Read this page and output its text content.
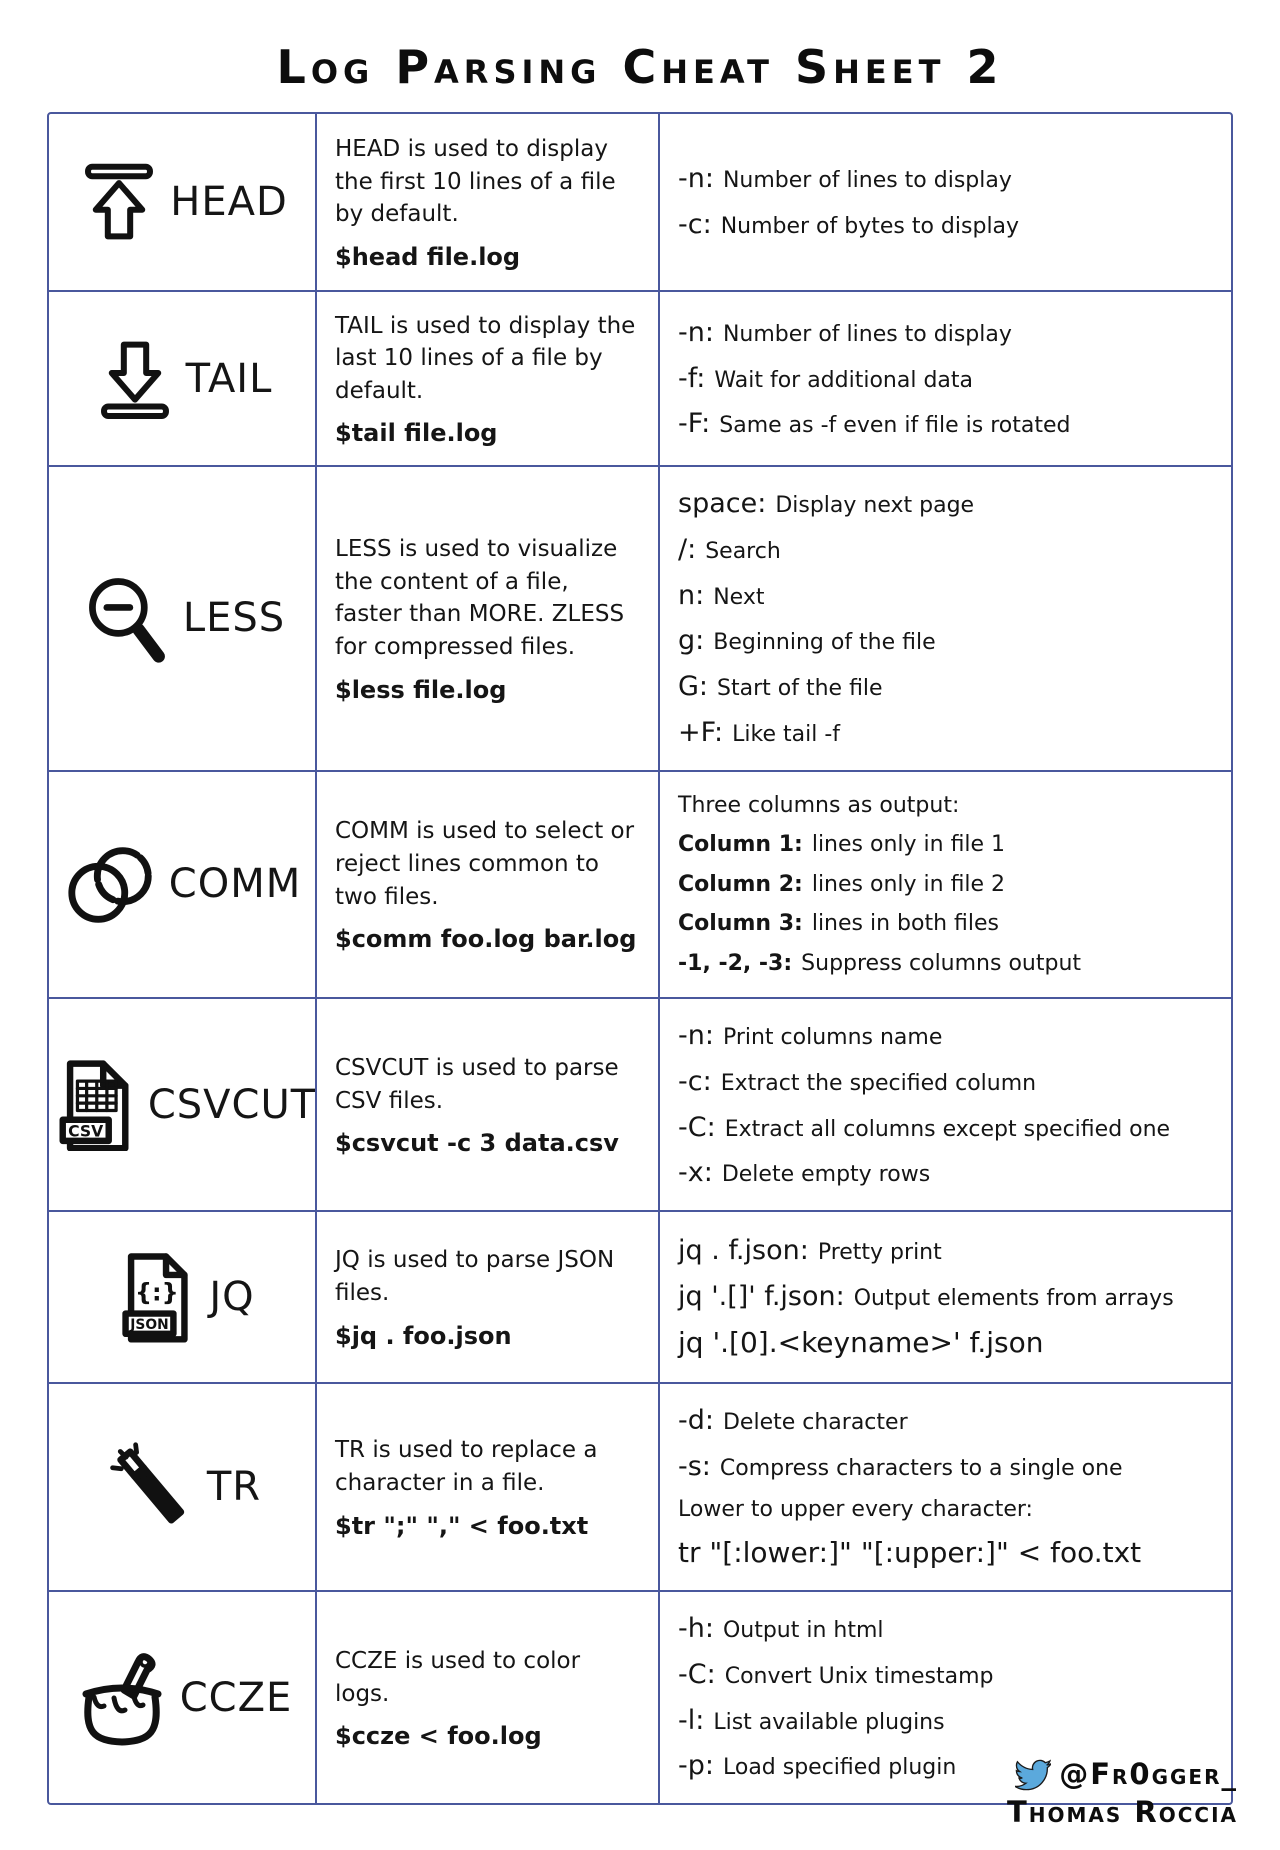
Log Parsing Cheat Sheet 2
HEAD

HEAD is used to display the first 10 lines of a file by default.

$head file.log

-n: Number of lines to display
-c: Number of bytes to display
TAIL

TAIL is used to display the last 10 lines of a file by default.

$tail file.log

-n: Number of lines to display
-f: Wait for additional data
-F: Same as -f even if file is rotated
LESS

LESS is used to visualize the content of a file, faster than MORE. ZLESS for compressed files.

$less file.log

space: Display next page
/: Search
n: Next
g: Beginning of the file
G: Start of the file
+F: Like tail -f
COMM

COMM is used to select or reject lines common to two files.

$comm foo.log bar.log

Three columns as output:
Column 1: lines only in file 1
Column 2: lines only in file 2
Column 3: lines in both files
-1, -2, -3: Suppress columns output
CSV
CSVCUT

CSVCUT is used to parse CSV files.

$csvcut -c 3 data.csv

-n: Print columns name
-c: Extract the specified column
-C: Extract all columns except specified one
-x: Delete empty rows
{:}
JSON
JQ

JQ is used to parse JSON files.

$jq . foo.json

jq . f.json: Pretty print
jq '.[]' f.json: Output elements from arrays
jq '.[0].<keyname>' f.json
TR

TR is used to replace a character in a file.

$tr ";" "," < foo.txt

-d: Delete character
-s: Compress characters to a single one
Lower to upper every character:
tr "[:lower:]" "[:upper:]" < foo.txt
CCZE

CCZE is used to color logs.

$ccze < foo.log

-h: Output in html
-C: Convert Unix timestamp
-l: List available plugins
-p: Load specified plugin	@Fr0gger_
Thomas Roccia
